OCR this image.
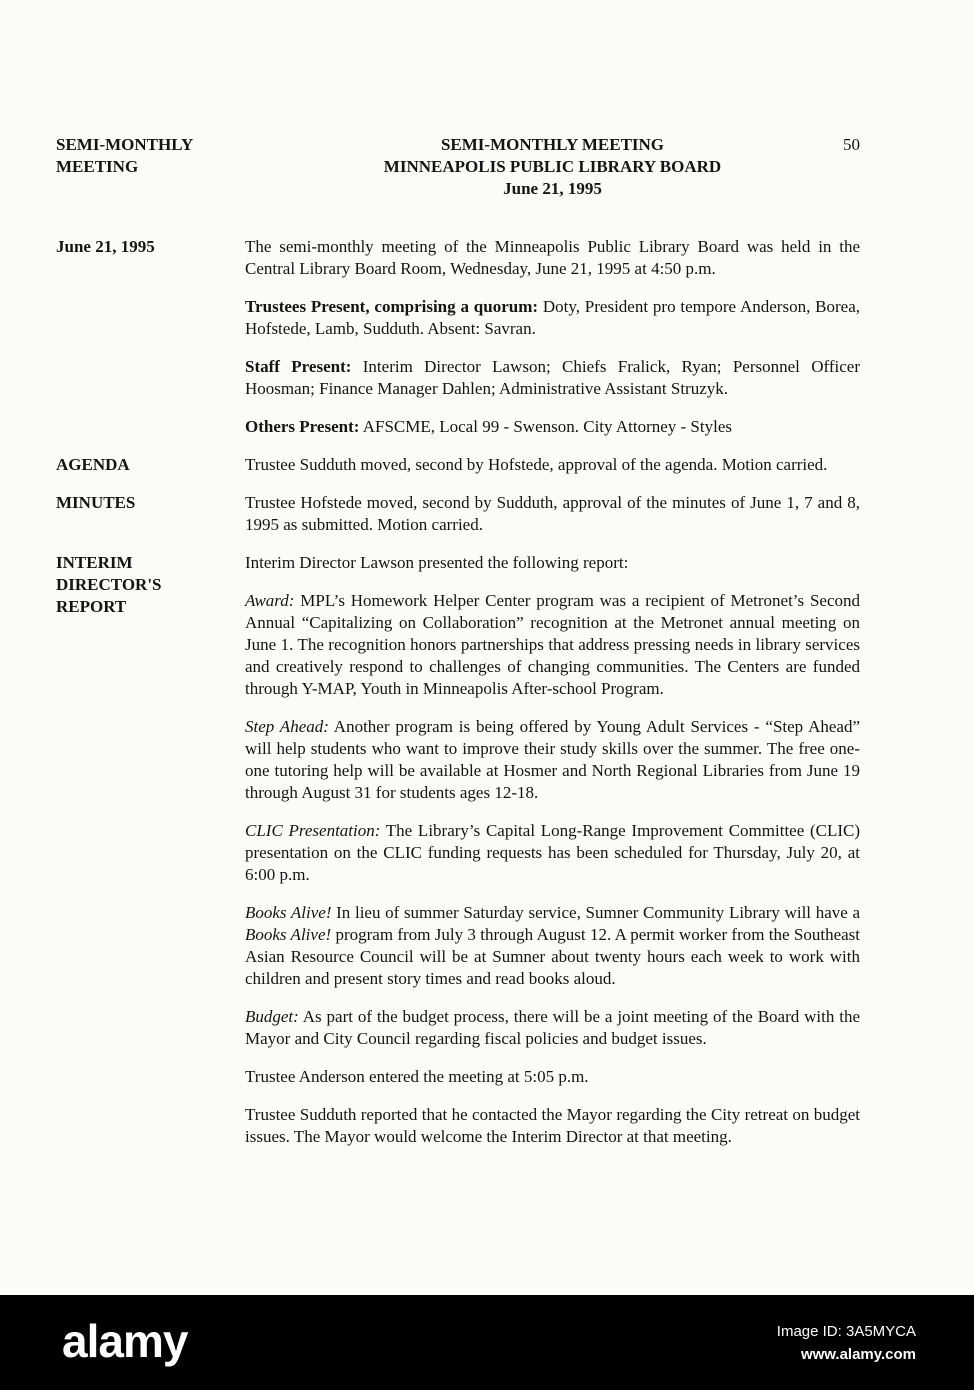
SEMI-MONTHLY MEETING
SEMI-MONTHLY MEETING
MINNEAPOLIS PUBLIC LIBRARY BOARD
June 21, 1995
50
June 21, 1995	The semi-monthly meeting of the Minneapolis Public Library Board was held in the Central Library Board Room, Wednesday, June 21, 1995 at 4:50 p.m.

Trustees Present, comprising a quorum: Doty, President pro tempore Anderson, Borea, Hofstede, Lamb, Sudduth. Absent: Savran.

Staff Present: Interim Director Lawson; Chiefs Fralick, Ryan; Personnel Officer Hoosman; Finance Manager Dahlen; Administrative Assistant Struzyk.

Others Present: AFSCME, Local 99 - Swenson. City Attorney - Styles

AGENDA	Trustee Sudduth moved, second by Hofstede, approval of the agenda. Motion carried.

MINUTES	Trustee Hofstede moved, second by Sudduth, approval of the minutes of June 1, 7 and 8, 1995 as submitted. Motion carried.

INTERIM DIRECTOR'S REPORT

Interim Director Lawson presented the following report:

Award: MPL’s Homework Helper Center program was a recipient of Metronet’s Second Annual “Capitalizing on Collaboration” recognition at the Metronet annual meeting on June 1. The recognition honors partnerships that address pressing needs in library services and creatively respond to challenges of changing communities. The Centers are funded through Y-MAP, Youth in Minneapolis After-school Program.

Step Ahead: Another program is being offered by Young Adult Services - “Step Ahead” will help students who want to improve their study skills over the summer. The free one-one tutoring help will be available at Hosmer and North Regional Libraries from June 19 through August 31 for students ages 12-18.

CLIC Presentation: The Library’s Capital Long-Range Improvement Committee (CLIC) presentation on the CLIC funding requests has been scheduled for Thursday, July 20, at 6:00 p.m.

Books Alive! In lieu of summer Saturday service, Sumner Community Library will have a Books Alive! program from July 3 through August 12. A permit worker from the Southeast Asian Resource Council will be at Sumner about twenty hours each week to work with children and present story times and read books aloud.

Budget: As part of the budget process, there will be a joint meeting of the Board with the Mayor and City Council regarding fiscal policies and budget issues.

Trustee Anderson entered the meeting at 5:05 p.m.

Trustee Sudduth reported that he contacted the Mayor regarding the City retreat on budget issues. The Mayor would welcome the Interim Director at that meeting.

alamy	Image ID: 3A5MYCA
www.alamy.com
